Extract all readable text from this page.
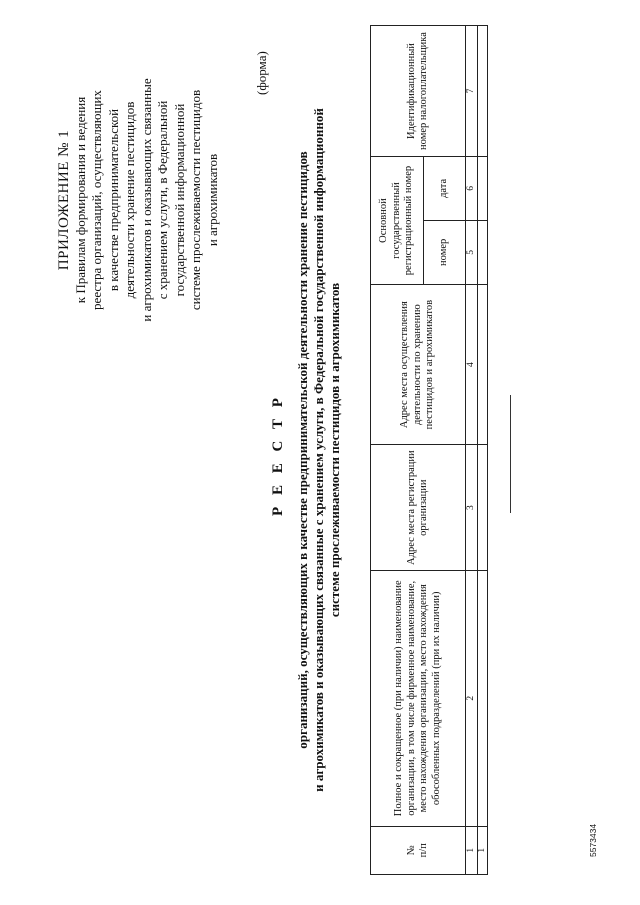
ПРИЛОЖЕНИЕ № 1 к Правилам формирования и ведения реестра организаций, осуществляющих в качестве предпринимательской деятельности хранение пестицидов и агрохимикатов и оказывающих связанные с хранением услуги, в Федеральной государственной информационной системе прослеживаемости пестицидов и агрохимикатов
(форма)
Р Е Е С Т Р организаций, осуществляющих в качестве предпринимательской деятельности хранение пестицидов и агрохимикатов и оказывающих связанные с хранением услуги, в Федеральной государственной информационной системе прослеживаемости пестицидов и агрохимикатов
№
п/п	Полное и сокращенное (при наличии) наименование организации, в том числе фирменное наименование, место нахождения организации, место нахождения обособленных подразделений (при их наличии)	Адрес места регистрации организации	Адрес места осуществления деятельности по хранению пестицидов и агрохимикатов	Основной государственный регистрационный номер		Идентификационный номер налогоплательщика
				номер	дата	
1	2	3	4	5	6	7
1							5573434
